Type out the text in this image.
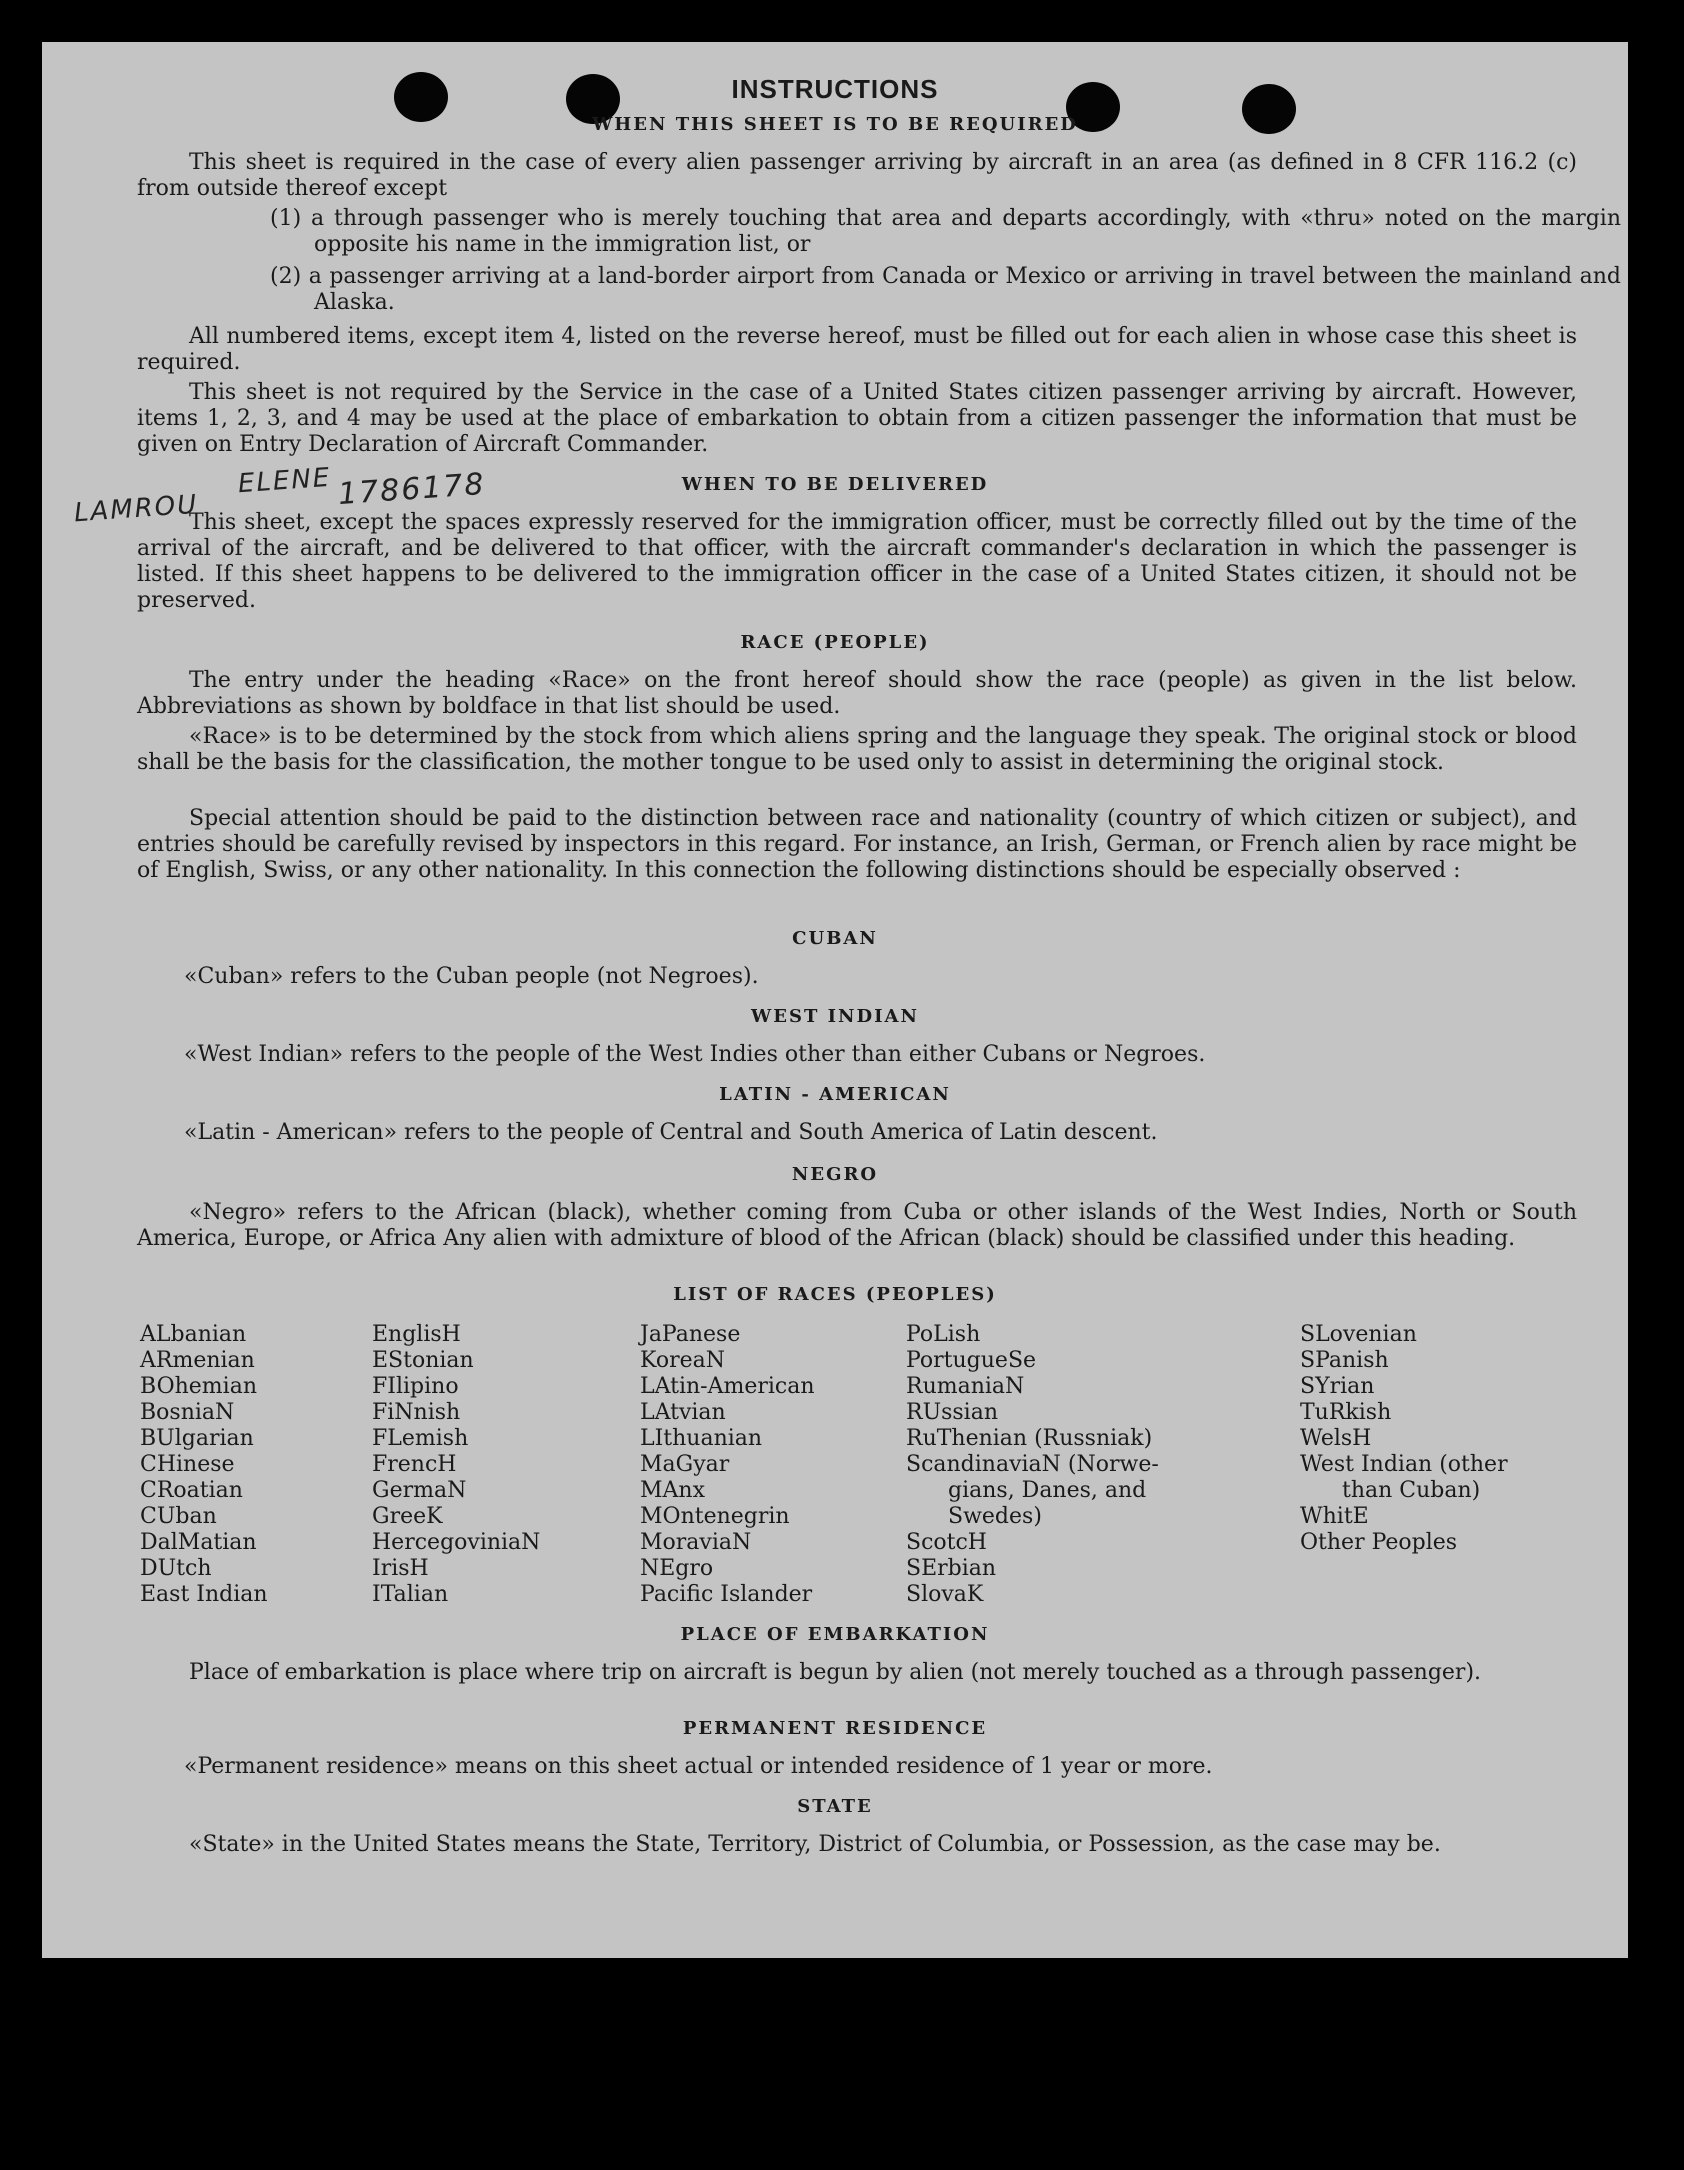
INSTRUCTIONS
WHEN THIS SHEET IS TO BE REQUIRED

This sheet is required in the case of every alien passenger arriving by aircraft in an area (as defined in 8 CFR 116.2 (c) from outside thereof except

(1) a through passenger who is merely touching that area and departs accordingly, with «thru» noted on the margin opposite his name in the immigration list, or

(2) a passenger arriving at a land-border airport from Canada or Mexico or arriving in travel between the mainland and Alaska.

All numbered items, except item 4, listed on the reverse hereof, must be filled out for each alien in whose case this sheet is required.

This sheet is not required by the Service in the case of a United States citizen passenger arriving by aircraft. However, items 1, 2, 3, and 4 may be used at the place of embarkation to obtain from a citizen passenger the information that must be given on Entry Declaration of Aircraft Commander.

WHEN TO BE DELIVERED

This sheet, except the spaces expressly reserved for the immigration officer, must be correctly filled out by the time of the arrival of the aircraft, and be delivered to that officer, with the aircraft commander's declaration in which the passenger is listed. If this sheet happens to be delivered to the immigration officer in the case of a United States citizen, it should not be preserved.

LAMROU
ELENE 1786178
RACE (PEOPLE)

The entry under the heading «Race» on the front hereof should show the race (people) as given in the list below. Abbreviations as shown by boldface in that list should be used.

«Race» is to be determined by the stock from which aliens spring and the language they speak. The original stock or blood shall be the basis for the classification, the mother tongue to be used only to assist in determining the original stock.

Special attention should be paid to the distinction between race and nationality (country of which citizen or subject), and entries should be carefully revised by inspectors in this regard. For instance, an Irish, German, or French alien by race might be of English, Swiss, or any other nationality. In this connection the following distinctions should be especially observed :

CUBAN

«Cuban» refers to the Cuban people (not Negroes).

WEST INDIAN

«West Indian» refers to the people of the West Indies other than either Cubans or Negroes.

LATIN - AMERICAN

«Latin - American» refers to the people of Central and South America of Latin descent.

NEGRO

«Negro» refers to the African (black), whether coming from Cuba or other islands of the West Indies, North or South America, Europe, or Africa Any alien with admixture of blood of the African (black) should be classified under this heading.

LIST OF RACES (PEOPLES)
ALbanian
ARmenian
BOhemian
BosniaN
BUlgarian
CHinese
CRoatian
CUban
DalMatian
DUtch
East Indian
EnglisH
EStonian
FIlipino
FiNnish
FLemish
FrencH
GermaN
GreeK
HercegoviniaN
IrisH
ITalian
JaPanese
KoreaN
LAtin-American
LAtvian
LIthuanian
MaGyar
MAnx
MOntenegrin
MoraviaN
NEgro
Pacific Islander
PoLish
PortugueSe
RumaniaN
RUssian
RuThenian (Russniak)
ScandinaviaN (Norwe-
gians, Danes, and
Swedes)
ScotcH
SErbian
SlovaK
SLovenian
SPanish
SYrian
TuRkish
WelsH
West Indian (other
than Cuban)
WhitE
Other Peoples
PLACE OF EMBARKATION

Place of embarkation is place where trip on aircraft is begun by alien (not merely touched as a through passenger).

PERMANENT RESIDENCE

«Permanent residence» means on this sheet actual or intended residence of 1 year or more.

STATE

«State» in the United States means the State, Territory, District of Columbia, or Possession, as the case may be.
